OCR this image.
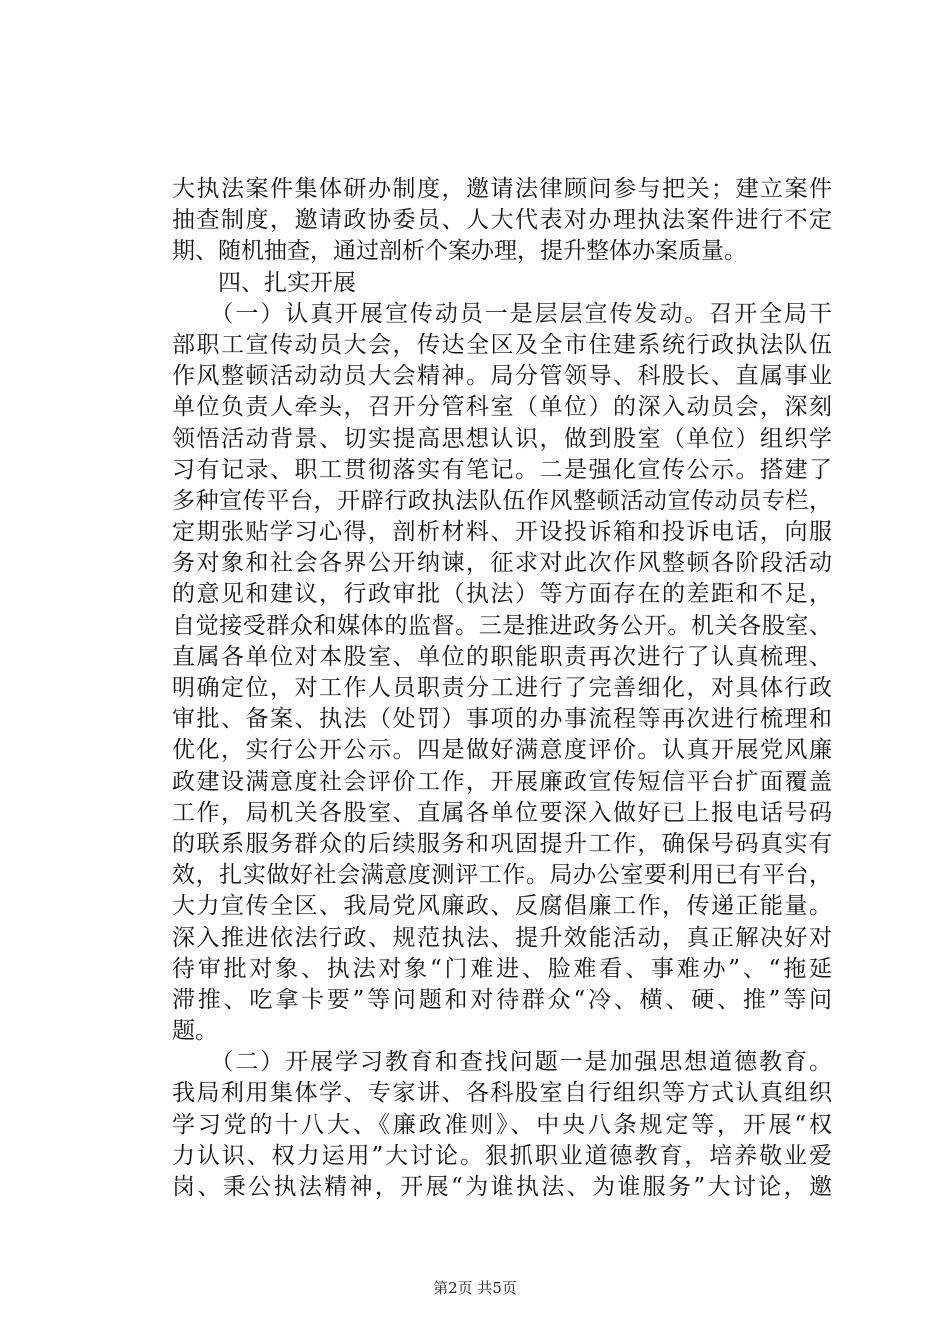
大执法案件集体研办制度，邀请法律顾问参与把关；建立案件
抽查制度，邀请政协委员、人大代表对办理执法案件进行不定
期、随机抽查，通过剖析个案办理，提升整体办案质量。
　　四、扎实开展
　　（一）认真开展宣传动员一是层层宣传发动。召开全局干
部职工宣传动员大会，传达全区及全市住建系统行政执法队伍
作风整顿活动动员大会精神。局分管领导、科股长、直属事业
单位负责人牵头，召开分管科室（单位）的深入动员会，深刻
领悟活动背景、切实提高思想认识，做到股室（单位）组织学
习有记录、职工贯彻落实有笔记。二是强化宣传公示。搭建了
多种宣传平台，开辟行政执法队伍作风整顿活动宣传动员专栏，
定期张贴学习心得，剖析材料、开设投诉箱和投诉电话，向服
务对象和社会各界公开纳谏，征求对此次作风整顿各阶段活动
的意见和建议，行政审批（执法）等方面存在的差距和不足，
自觉接受群众和媒体的监督。三是推进政务公开。机关各股室、
直属各单位对本股室、单位的职能职责再次进行了认真梳理、
明确定位，对工作人员职责分工进行了完善细化，对具体行政
审批、备案、执法（处罚）事项的办事流程等再次进行梳理和
优化，实行公开公示。四是做好满意度评价。认真开展党风廉
政建设满意度社会评价工作，开展廉政宣传短信平台扩面覆盖
工作，局机关各股室、直属各单位要深入做好已上报电话号码
的联系服务群众的后续服务和巩固提升工作，确保号码真实有
效，扎实做好社会满意度测评工作。局办公室要利用已有平台，
大力宣传全区、我局党风廉政、反腐倡廉工作，传递正能量。
深入推进依法行政、规范执法、提升效能活动，真正解决好对
待审批对象、执法对象“门难进、脸难看、事难办”、“拖延
滞推、吃拿卡要”等问题和对待群众“冷、横、硬、推”等问
题。
　　（二）开展学习教育和查找问题一是加强思想道德教育。
我局利用集体学、专家讲、各科股室自行组织等方式认真组织
学习党的十八大、《廉政准则》、中央八条规定等，开展“权
力认识、权力运用”大讨论。狠抓职业道德教育，培养敬业爱
岗、秉公执法精神，开展“为谁执法、为谁服务”大讨论，邀
第2页 共5页
